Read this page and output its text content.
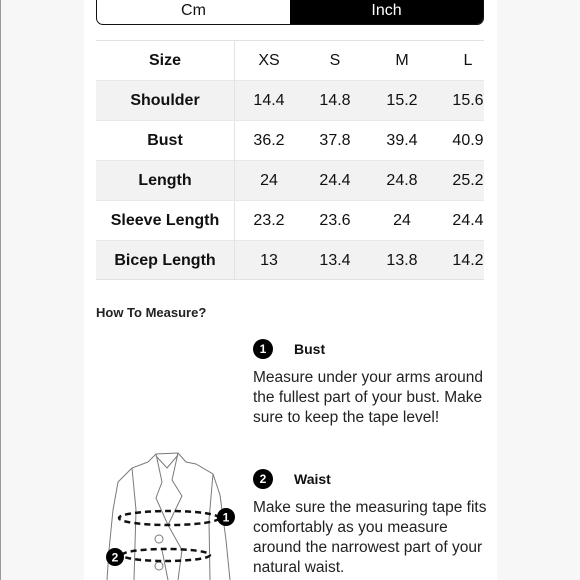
Cm	Inch
Size	XS	S	M	L
Shoulder	14.4	14.8	15.2	15.6
Bust	36.2	37.8	39.4	40.9
Length	24	24.4	24.8	25.2
Sleeve Length	23.2	23.6	24	24.4
Bicep Length	13	13.4	13.8	14.2
How To Measure?
1	Bust
Measure under your arms around the fullest part of your bust. Make sure to keep the tape level!
2	Waist
Make sure the measuring tape fits comfortably as you measure around the narrowest part of your natural waist.
1
2
